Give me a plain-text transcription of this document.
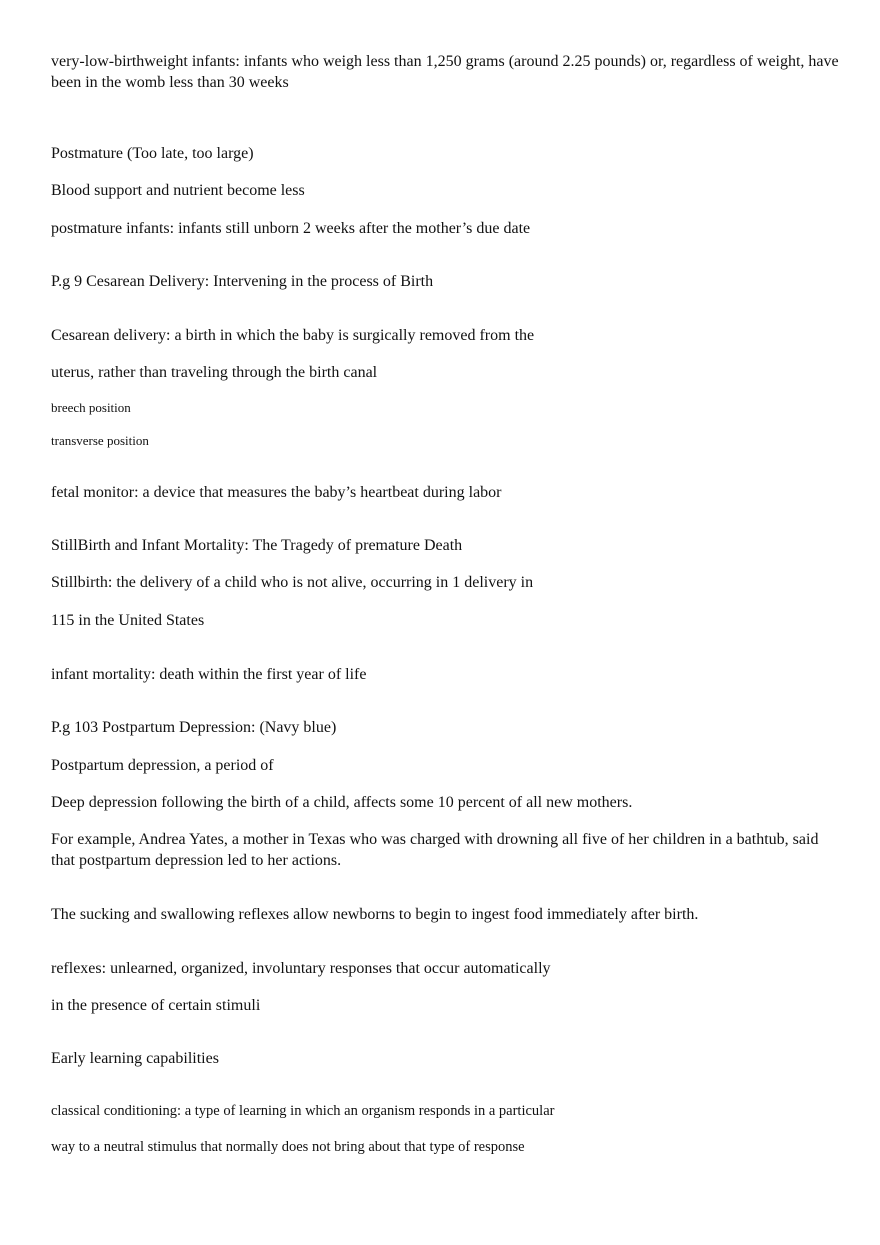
very-low-birthweight infants: infants who weigh less than 1,250 grams (around 2.25 pounds) or, regardless of weight, have been in the womb less than 30 weeks
Postmature (Too late, too large)
Blood support and nutrient become less
postmature infants: infants still unborn 2 weeks after the mother’s due date
P.g 9 Cesarean Delivery: Intervening in the process of Birth
Cesarean delivery: a birth in which the baby is surgically removed from the
uterus, rather than traveling through the birth canal
breech position
transverse position
fetal monitor: a device that measures the baby’s heartbeat during labor
StillBirth and Infant Mortality: The Tragedy of premature Death
Stillbirth: the delivery of a child who is not alive, occurring in 1 delivery in
115 in the United States
infant mortality: death within the first year of life
P.g 103 Postpartum Depression: (Navy blue)
Postpartum depression, a period of
Deep depression following the birth of a child, affects some 10 percent of all new mothers.
For example, Andrea Yates, a mother in Texas who was charged with drowning all five of her children in a bathtub, said that postpartum depression led to her actions.
The sucking and swallowing reflexes allow newborns to begin to ingest food immediately after birth.
reflexes: unlearned, organized, involuntary responses that occur automatically
in the presence of certain stimuli
Early learning capabilities
classical conditioning: a type of learning in which an organism responds in a particular
way to a neutral stimulus that normally does not bring about that type of response
